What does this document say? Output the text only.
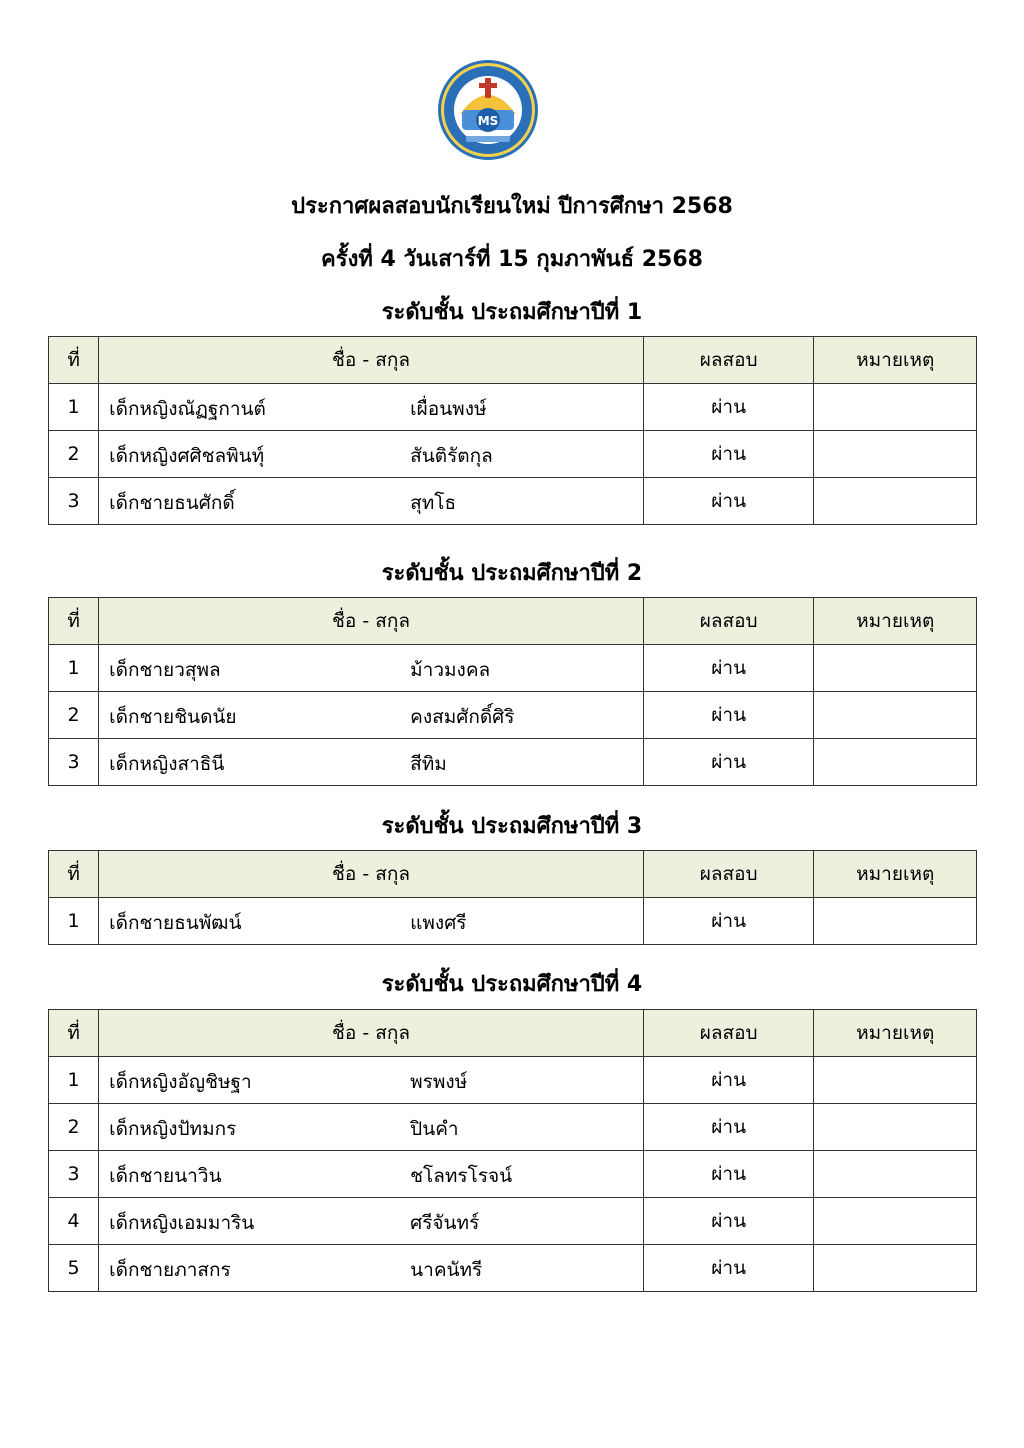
MS
ประกาศผลสอบนักเรียนใหม่ ปีการศึกษา 2568
ครั้งที่ 4 วันเสาร์ที่ 15 กุมภาพันธ์ 2568
ระดับชั้น ประถมศึกษาปีที่ 1
ที่	ชื่อ - สกุล	ผลสอบ	หมายเหตุ
1	เด็กหญิงณัฏฐกานต์ เผื่อนพงษ์	ผ่าน	
2	เด็กหญิงศศิชลพินทุ์ สันติรัตกุล	ผ่าน	
3	เด็กชายธนศักดิ์ สุทโธ	ผ่าน	
ระดับชั้น ประถมศึกษาปีที่ 2
ที่	ชื่อ - สกุล	ผลสอบ	หมายเหตุ
1	เด็กชายวสุพล ม้าวมงคล	ผ่าน	
2	เด็กชายชินดนัย คงสมศักดิ์ศิริ	ผ่าน	
3	เด็กหญิงสาธินี สีทิม	ผ่าน	
ระดับชั้น ประถมศึกษาปีที่ 3
ที่	ชื่อ - สกุล	ผลสอบ	หมายเหตุ
1	เด็กชายธนพัฒน์ แพงศรี	ผ่าน	
ระดับชั้น ประถมศึกษาปีที่ 4
ที่	ชื่อ - สกุล	ผลสอบ	หมายเหตุ
1	เด็กหญิงอัญชิษฐา พรพงษ์	ผ่าน	
2	เด็กหญิงปัทมกร ปินคำ	ผ่าน	
3	เด็กชายนาวิน ชโลทรโรจน์	ผ่าน	
4	เด็กหญิงเอมมาริน ศรีจันทร์	ผ่าน	
5	เด็กชายภาสกร นาคนัทรี	ผ่าน	
